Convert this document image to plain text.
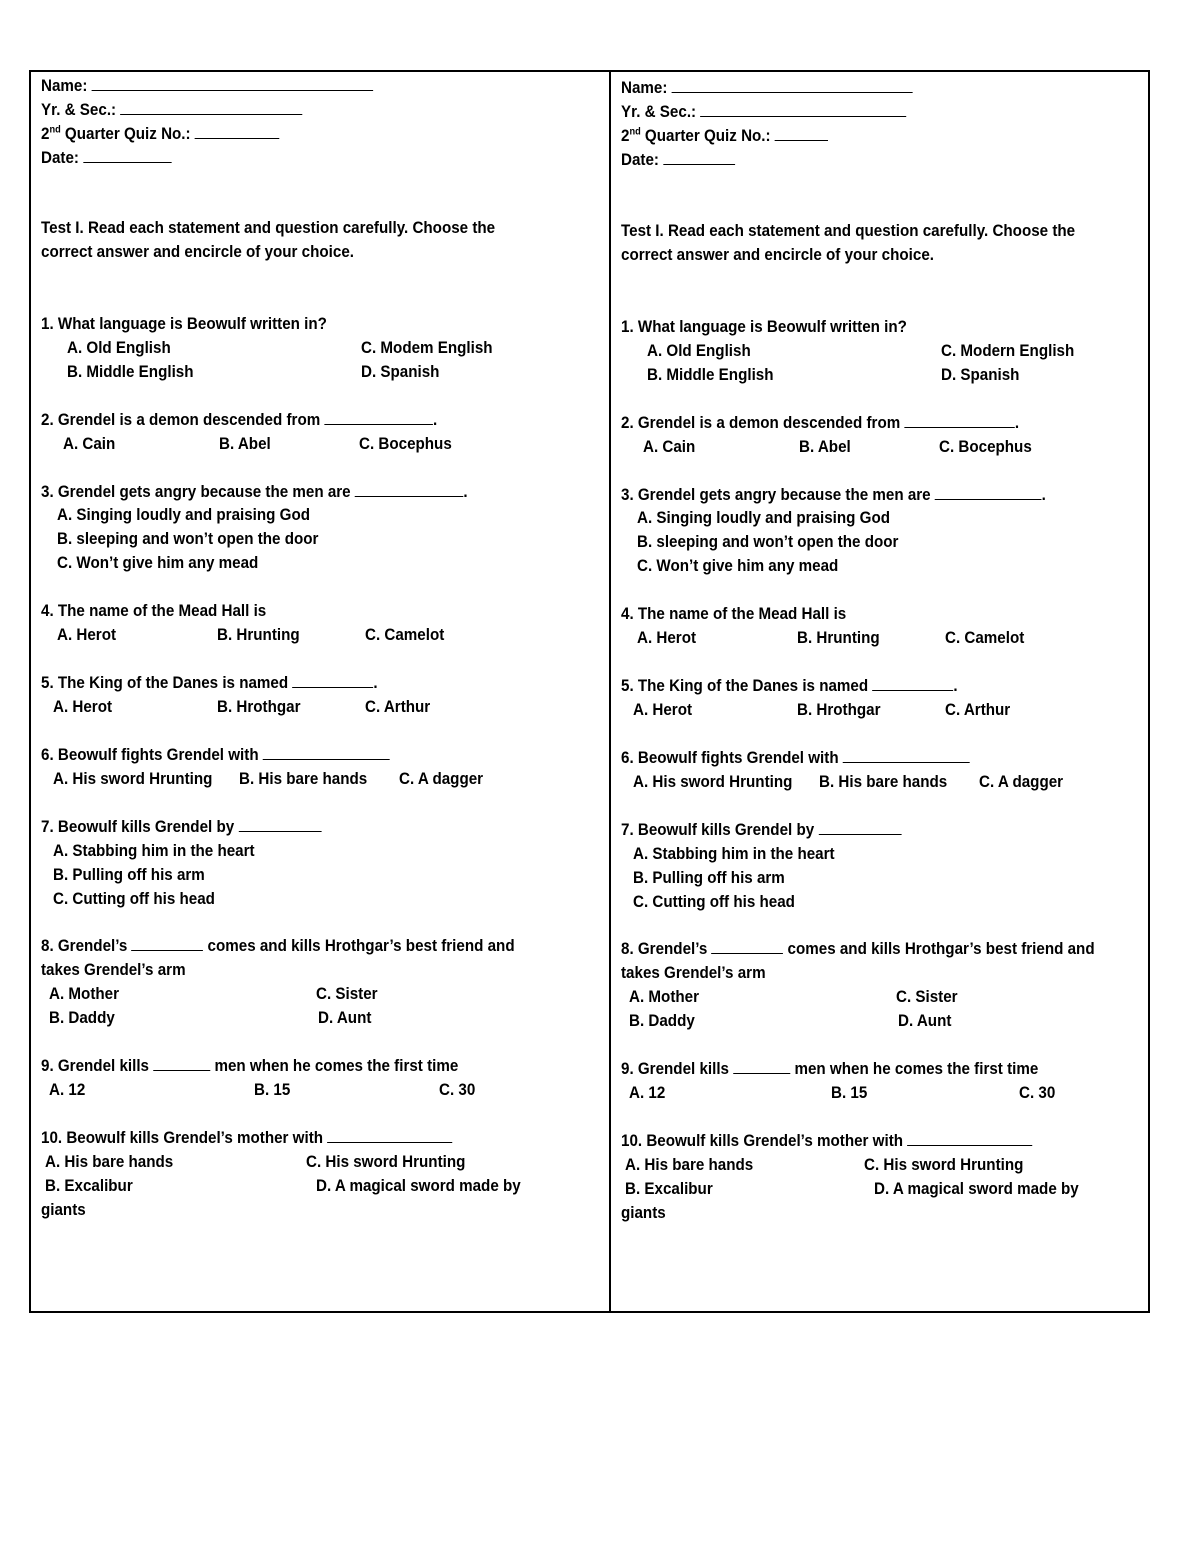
Name:
Yr. & Sec.:
2nd Quarter Quiz No.:
Date:
Test I. Read each statement and question carefully. Choose the
correct answer and encircle of your choice.
1. What language is Beowulf written in?
A. Old English	C. Modem English
B. Middle English	D. Spanish
2. Grendel is a demon descended from	.
A. Cain	B. Abel	C. Bocephus
3. Grendel gets angry because the men are	.
A. Singing loudly and praising God
B. sleeping and won’t open the door
C. Won’t give him any mead
4. The name of the Mead Hall is
A. Herot	B. Hrunting	C. Camelot
5. The King of the Danes is named	.
A. Herot	B. Hrothgar	C. Arthur
6. Beowulf fights Grendel with
A. His sword Hrunting B. His bare hands C. A dagger
7. Beowulf kills Grendel by
A. Stabbing him in the heart
B. Pulling off his arm
C. Cutting off his head
8. Grendel’s	comes and kills Hrothgar’s best friend and
takes Grendel’s arm
A. Mother	C. Sister
B. Daddy	D. Aunt
9. Grendel kills	men when he comes the first time
A. 12	B. 15	C. 30
10. Beowulf kills Grendel’s mother with
A. His bare hands	C. His sword Hrunting
B. Excalibur	D. A magical sword made by
giants
Name:
Yr. & Sec.:
2nd Quarter Quiz No.:
Date:
Test I. Read each statement and question carefully. Choose the
correct answer and encircle of your choice.
1. What language is Beowulf written in?
A. Old English	C. Modern English
B. Middle English	D. Spanish
2. Grendel is a demon descended from	.
A. Cain	B. Abel	C. Bocephus
3. Grendel gets angry because the men are	.
A. Singing loudly and praising God
B. sleeping and won’t open the door
C. Won’t give him any mead
4. The name of the Mead Hall is
A. Herot	B. Hrunting	C. Camelot
5. The King of the Danes is named	.
A. Herot	B. Hrothgar	C. Arthur
6. Beowulf fights Grendel with
A. His sword Hrunting B. His bare hands C. A dagger
7. Beowulf kills Grendel by
A. Stabbing him in the heart
B. Pulling off his arm
C. Cutting off his head
8. Grendel’s	comes and kills Hrothgar’s best friend and
takes Grendel’s arm
A. Mother	C. Sister
B. Daddy	D. Aunt
9. Grendel kills	men when he comes the first time
A. 12	B. 15	C. 30
10. Beowulf kills Grendel’s mother with
A. His bare hands	C. His sword Hrunting
B. Excalibur	D. A magical sword made by
giants
